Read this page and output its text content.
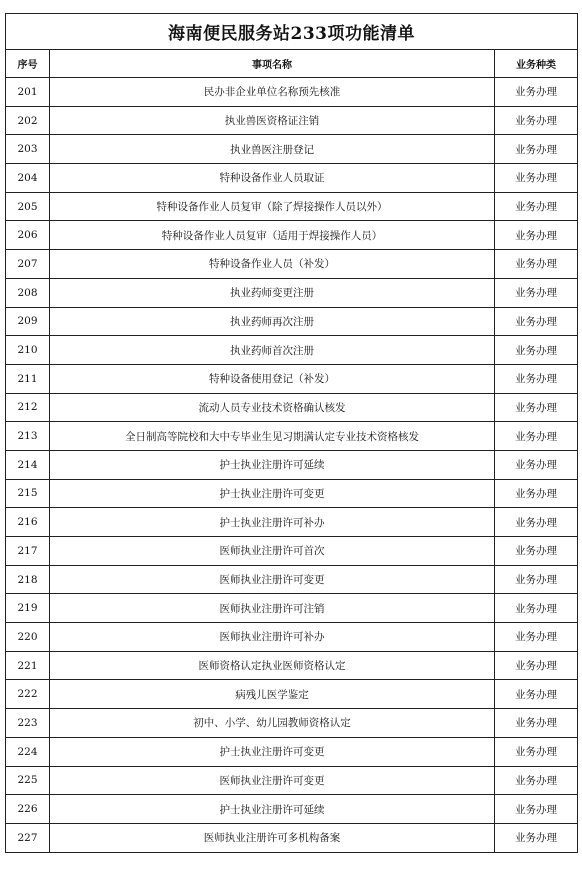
海南便民服务站233项功能清单		
序号	事项名称	业务种类
201	民办非企业单位名称预先核准	业务办理
202	执业兽医资格证注销	业务办理
203	执业兽医注册登记	业务办理
204	特种设备作业人员取证	业务办理
205	特种设备作业人员复审（除了焊接操作人员以外）	业务办理
206	特种设备作业人员复审（适用于焊接操作人员）	业务办理
207	特种设备作业人员（补发）	业务办理
208	执业药师变更注册	业务办理
209	执业药师再次注册	业务办理
210	执业药师首次注册	业务办理
211	特种设备使用登记（补发）	业务办理
212	流动人员专业技术资格确认核发	业务办理
213	全日制高等院校和大中专毕业生见习期满认定专业技术资格核发	业务办理
214	护士执业注册许可延续	业务办理
215	护士执业注册许可变更	业务办理
216	护士执业注册许可补办	业务办理
217	医师执业注册许可首次	业务办理
218	医师执业注册许可变更	业务办理
219	医师执业注册许可注销	业务办理
220	医师执业注册许可补办	业务办理
221	医师资格认定执业医师资格认定	业务办理
222	病残儿医学鉴定	业务办理
223	初中、小学、幼儿园教师资格认定	业务办理
224	护士执业注册许可变更	业务办理
225	医师执业注册许可变更	业务办理
226	护士执业注册许可延续	业务办理
227	医师执业注册许可多机构备案	业务办理
